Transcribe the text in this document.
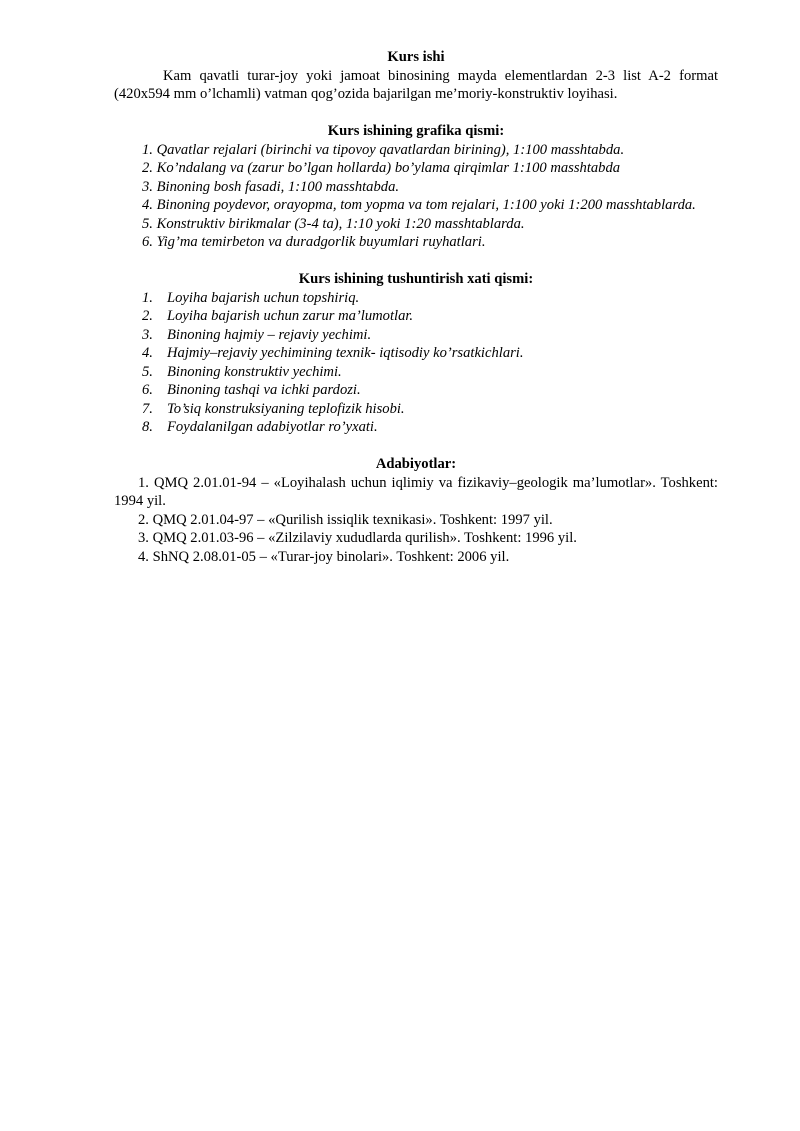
Kurs ishi

Kam qavatli turar-joy yoki jamoat binosining mayda elementlardan 2-3 list A-2 format (420x594 mm o’lchamli) vatman qog’ozida bajarilgan me’moriy-konstruktiv loyihasi.

Kurs ishining grafika qismi:

1. Qavatlar rejalari (birinchi va tipovoy qavatlardan birining), 1:100 masshtabda.
2. Ko’ndalang va (zarur bo’lgan hollarda) bo’ylama qirqimlar 1:100 masshtabda
3. Binoning bosh fasadi, 1:100 masshtabda.
4. Binoning poydevor, orayopma, tom yopma va tom rejalari, 1:100 yoki 1:200 masshtablarda.
5. Konstruktiv birikmalar (3-4 ta), 1:10 yoki 1:20 masshtablarda.
6. Yig’ma temirbeton va duradgorlik buyumlari ruyhatlari.

Kurs ishining tushuntirish xati qismi:

1. Loyiha bajarish uchun topshiriq.
2. Loyiha bajarish uchun zarur ma’lumotlar.
3. Binoning hajmiy – rejaviy yechimi.
4. Hajmiy–rejaviy yechimining texnik- iqtisodiy ko’rsatkichlari.
5. Binoning konstruktiv yechimi.
6. Binoning tashqi va ichki pardozi.
7. To’siq konstruksiyaning teplofizik hisobi.
8. Foydalanilgan adabiyotlar ro’yxati.

Adabiyotlar:

1. QMQ 2.01.01-94 – «Loyihalash uchun iqlimiy va fizikaviy–geologik ma’lumotlar». Toshkent: 1994 yil.
2. QMQ 2.01.04-97 – «Qurilish issiqlik texnikasi». Toshkent: 1997 yil.
3. QMQ 2.01.03-96 – «Zilzilaviy xududlarda qurilish». Toshkent: 1996 yil.
4. ShNQ 2.08.01-05 – «Turar-joy binolari». Toshkent: 2006 yil.
